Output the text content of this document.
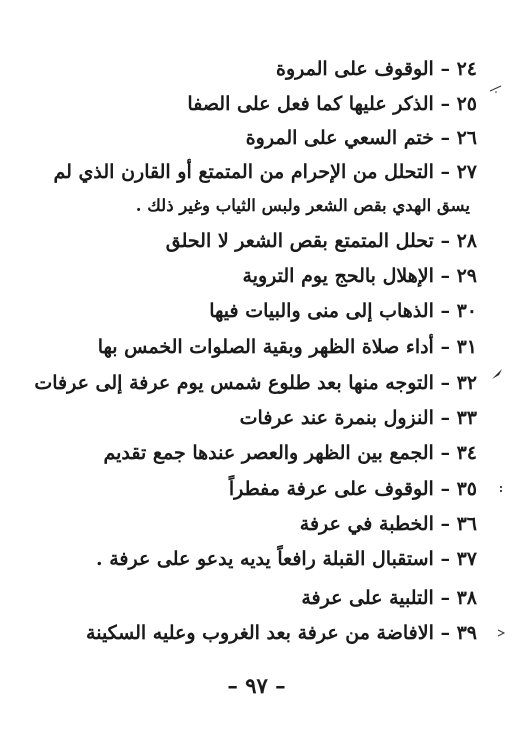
٢٤ – الوقوف على المروة
٢٥ – الذكر عليها كما فعل على الصفا
٢٦ – ختم السعي على المروة
٢٧ – التحلل من الإحرام من المتمتع أو القارن الذي لم
يسق الهدي بقص الشعر ولبس الثياب وغير ذلك .
٢٨ – تحلل المتمتع بقص الشعر لا الحلق
٢٩ – الإهلال بالحج يوم التروية
٣٠ – الذهاب إلى منى والبيات فيها
٣١ – أداء صلاة الظهر وبقية الصلوات الخمس بها
٣٢ – التوجه منها بعد طلوع شمس يوم عرفة إلى عرفات
٣٣ – النزول بنمرة عند عرفات
٣٤ – الجمع بين الظهر والعصر عندها جمع تقديم
٣٥ – الوقوف على عرفة مفطراً
٣٦ – الخطبة في عرفة
٣٧ – استقبال القبلة رافعاً يديه يدعو على عرفة .
٣٨ – التلبية على عرفة
٣٩ – الافاضة من عرفة بعد الغروب وعليه السكينة
– ٩٧ –
